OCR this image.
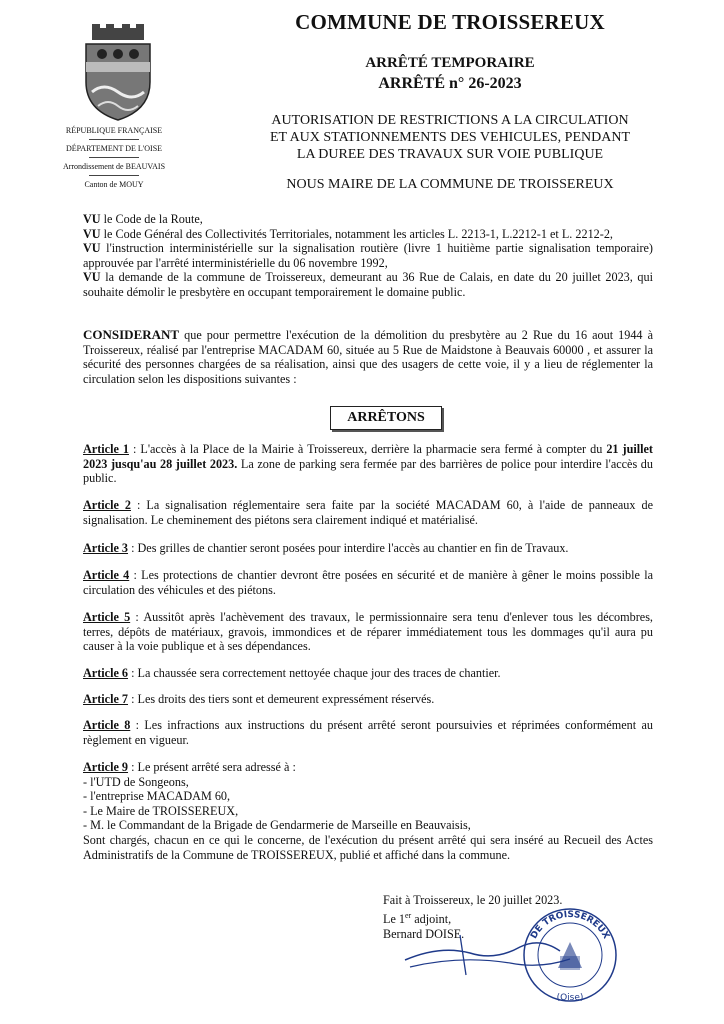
RÉPUBLIQUE FRANÇAISE
DÉPARTEMENT DE L'OISE
Arrondissement de BEAUVAIS
Canton de MOUY
COMMUNE DE TROISSEREUX
ARRÊTÉ TEMPORAIRE
ARRÊTÉ n° 26-2023
AUTORISATION DE RESTRICTIONS A LA CIRCULATION
ET AUX STATIONNEMENTS DES VEHICULES, PENDANT
LA DUREE DES TRAVAUX SUR VOIE PUBLIQUE
NOUS MAIRE DE LA COMMUNE DE TROISSEREUX
VU le Code de la Route,
VU le Code Général des Collectivités Territoriales, notamment les articles L. 2213-1, L.2212-1 et L. 2212-2,
VU l'instruction interministérielle sur la signalisation routière (livre 1 huitième partie signalisation temporaire) approuvée par l'arrêté interministérielle du 06 novembre 1992,
VU la demande de la commune de Troissereux, demeurant au 36 Rue de Calais, en date du 20 juillet 2023, qui souhaite démolir le presbytère en occupant temporairement le domaine public.
CONSIDERANT que pour permettre l'exécution de la démolition du presbytère au 2 Rue du 16 aout 1944 à Troissereux, réalisé par l'entreprise MACADAM 60, située au 5 Rue de Maidstone à Beauvais 60000 , et assurer la sécurité des personnes chargées de sa réalisation, ainsi que des usagers de cette voie, il y a lieu de réglementer la circulation selon les dispositions suivantes :
ARRÊTONS
Article 1 : L'accès à la Place de la Mairie à Troissereux, derrière la pharmacie sera fermé à compter du 21 juillet 2023 jusqu'au 28 juillet 2023. La zone de parking sera fermée par des barrières de police pour interdire l'accès du public.
Article 2 : La signalisation réglementaire sera faite par la société MACADAM 60, à l'aide de panneaux de signalisation. Le cheminement des piétons sera clairement indiqué et matérialisé.
Article 3 : Des grilles de chantier seront posées pour interdire l'accès au chantier en fin de Travaux.
Article 4 : Les protections de chantier devront être posées en sécurité et de manière à gêner le moins possible la circulation des véhicules et des piétons.
Article 5 : Aussitôt après l'achèvement des travaux, le permissionnaire sera tenu d'enlever tous les décombres, terres, dépôts de matériaux, gravois, immondices et de réparer immédiatement tous les dommages qu'il aura pu causer à la voie publique et à ses dépendances.
Article 6 : La chaussée sera correctement nettoyée chaque jour des traces de chantier.
Article 7 : Les droits des tiers sont et demeurent expressément réservés.
Article 8 : Les infractions aux instructions du présent arrêté seront poursuivies et réprimées conformément au règlement en vigueur.
Article 9 : Le présent arrêté sera adressé à :
- l'UTD de Songeons,
- l'entreprise MACADAM 60,
- Le Maire de TROISSEREUX,
- M. le Commandant de la Brigade de Gendarmerie de Marseille en Beauvaisis,
Sont chargés, chacun en ce qui le concerne, de l'exécution du présent arrêté qui sera inséré au Recueil des Actes Administratifs de la Commune de TROISSEREUX, publié et affiché dans la commune.
Fait à Troissereux, le 20 juillet 2023.
Le 1er adjoint,
Bernard DOISE.	DE TROISSEREUX
(Oise)
